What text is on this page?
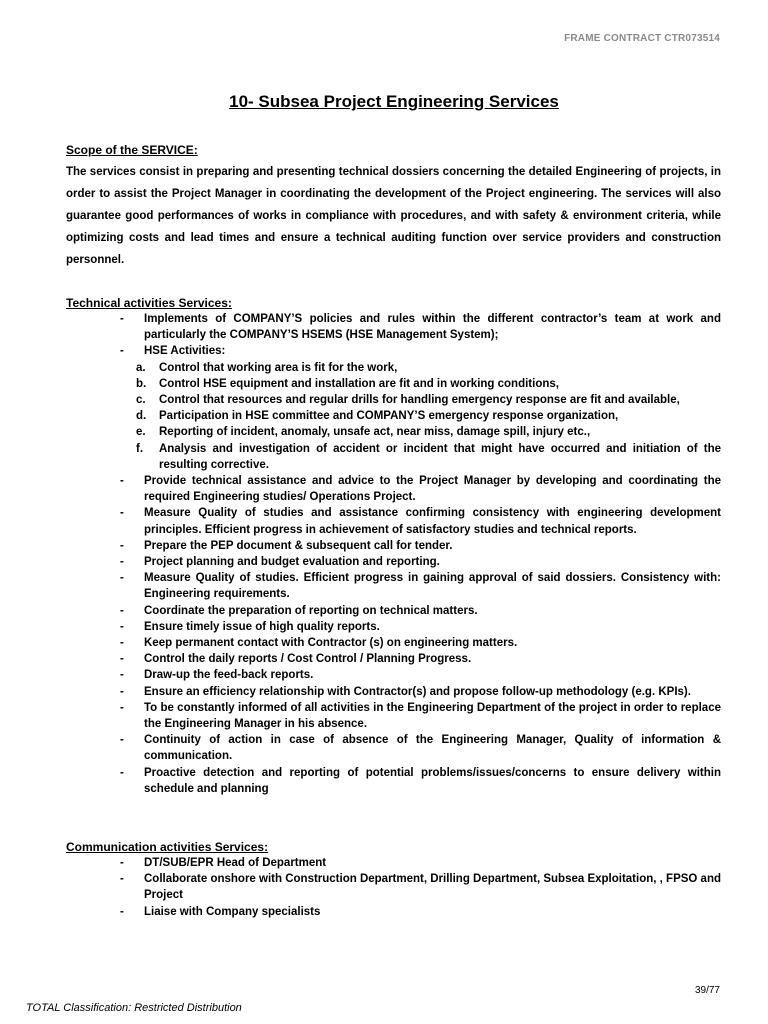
FRAME CONTRACT CTR073514
10- Subsea Project Engineering Services
Scope of the SERVICE:
The services consist in preparing and presenting technical dossiers concerning the detailed Engineering of projects, in order to assist the Project Manager in coordinating the development of the Project engineering. The services will also guarantee good performances of works in compliance with procedures, and with safety & environment criteria, while optimizing costs and lead times and ensure a technical auditing function over service providers and construction personnel.
Technical activities Services:
- Implements of COMPANY’S policies and rules within the different contractor’s team at work and particularly the COMPANY’S HSEMS (HSE Management System);
- HSE Activities:
a. Control that working area is fit for the work,
b. Control HSE equipment and installation are fit and in working conditions,
c. Control that resources and regular drills for handling emergency response are fit and available,
d. Participation in HSE committee and COMPANY’S emergency response organization,
e. Reporting of incident, anomaly, unsafe act, near miss, damage spill, injury etc.,
f. Analysis and investigation of accident or incident that might have occurred and initiation of the resulting corrective.
- Provide technical assistance and advice to the Project Manager by developing and coordinating the required Engineering studies/ Operations Project.
- Measure Quality of studies and assistance confirming consistency with engineering development principles. Efficient progress in achievement of satisfactory studies and technical reports.
- Prepare the PEP document & subsequent call for tender.
- Project planning and budget evaluation and reporting.
- Measure Quality of studies. Efficient progress in gaining approval of said dossiers. Consistency with: Engineering requirements.
- Coordinate the preparation of reporting on technical matters.
- Ensure timely issue of high quality reports.
- Keep permanent contact with Contractor (s) on engineering matters.
- Control the daily reports / Cost Control / Planning Progress.
- Draw-up the feed-back reports.
- Ensure an efficiency relationship with Contractor(s) and propose follow-up methodology (e.g. KPIs).
- To be constantly informed of all activities in the Engineering Department of the project in order to replace the Engineering Manager in his absence.
- Continuity of action in case of absence of the Engineering Manager, Quality of information & communication.
- Proactive detection and reporting of potential problems/issues/concerns to ensure delivery within schedule and planning
Communication activities Services:
- DT/SUB/EPR Head of Department
- Collaborate onshore with Construction Department, Drilling Department, Subsea Exploitation, , FPSO and Project
- Liaise with Company specialists
39/77
TOTAL Classification: Restricted Distribution
